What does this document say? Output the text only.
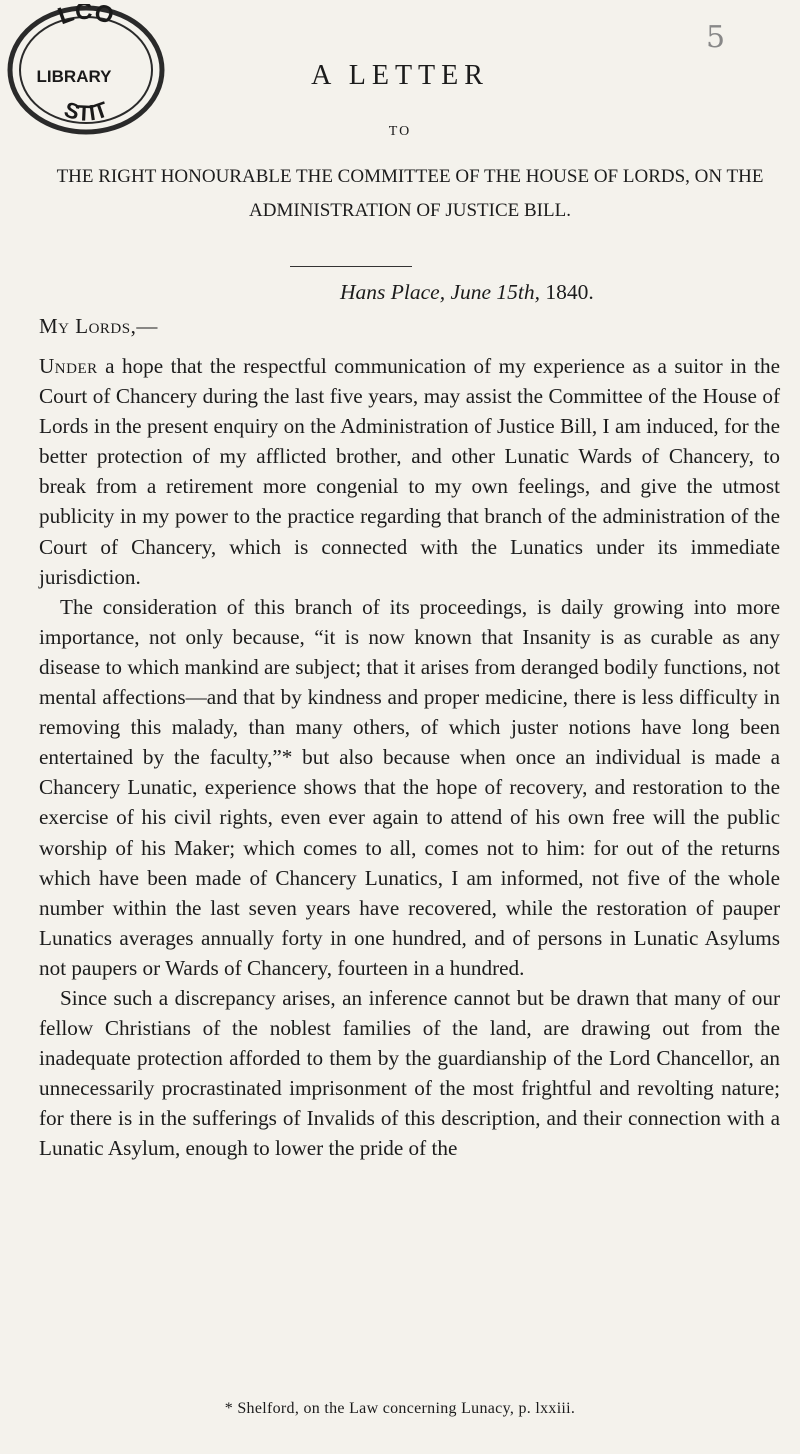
LCO
LIBRARY
STIT
5
A LETTER
TO
THE RIGHT HONOURABLE THE COMMITTEE OF THE HOUSE OF LORDS, ON THE ADMINISTRATION OF JUSTICE BILL.
Hans Place, June 15th, 1840.
My Lords,—

Under a hope that the respectful communication of my experience as a suitor in the Court of Chancery during the last five years, may assist the Committee of the House of Lords in the present enquiry on the Administration of Justice Bill, I am induced, for the better protection of my afflicted brother, and other Lunatic Wards of Chancery, to break from a retirement more congenial to my own feelings, and give the utmost publicity in my power to the practice regarding that branch of the administration of the Court of Chancery, which is connected with the Lunatics under its immediate jurisdiction.

The consideration of this branch of its proceedings, is daily growing into more importance, not only because, “it is now known that Insanity is as curable as any disease to which mankind are subject; that it arises from deranged bodily functions, not mental affections—and that by kindness and proper medicine, there is less difficulty in removing this malady, than many others, of which juster notions have long been entertained by the faculty,”* but also because when once an individual is made a Chancery Lunatic, experience shows that the hope of recovery, and restoration to the exercise of his civil rights, even ever again to attend of his own free will the public worship of his Maker; which comes to all, comes not to him: for out of the returns which have been made of Chancery Lunatics, I am informed, not five of the whole number within the last seven years have recovered, while the restoration of pauper Lunatics averages annually forty in one hundred, and of persons in Lunatic Asylums not paupers or Wards of Chancery, fourteen in a hundred.

Since such a discrepancy arises, an inference cannot but be drawn that many of our fellow Christians of the noblest families of the land, are drawing out from the inadequate protection afforded to them by the guardianship of the Lord Chancellor, an unnecessarily procrastinated imprisonment of the most frightful and revolting nature; for there is in the sufferings of Invalids of this description, and their connection with a Lunatic Asylum, enough to lower the pride of the

* Shelford, on the Law concerning Lunacy, p. lxxiii.
